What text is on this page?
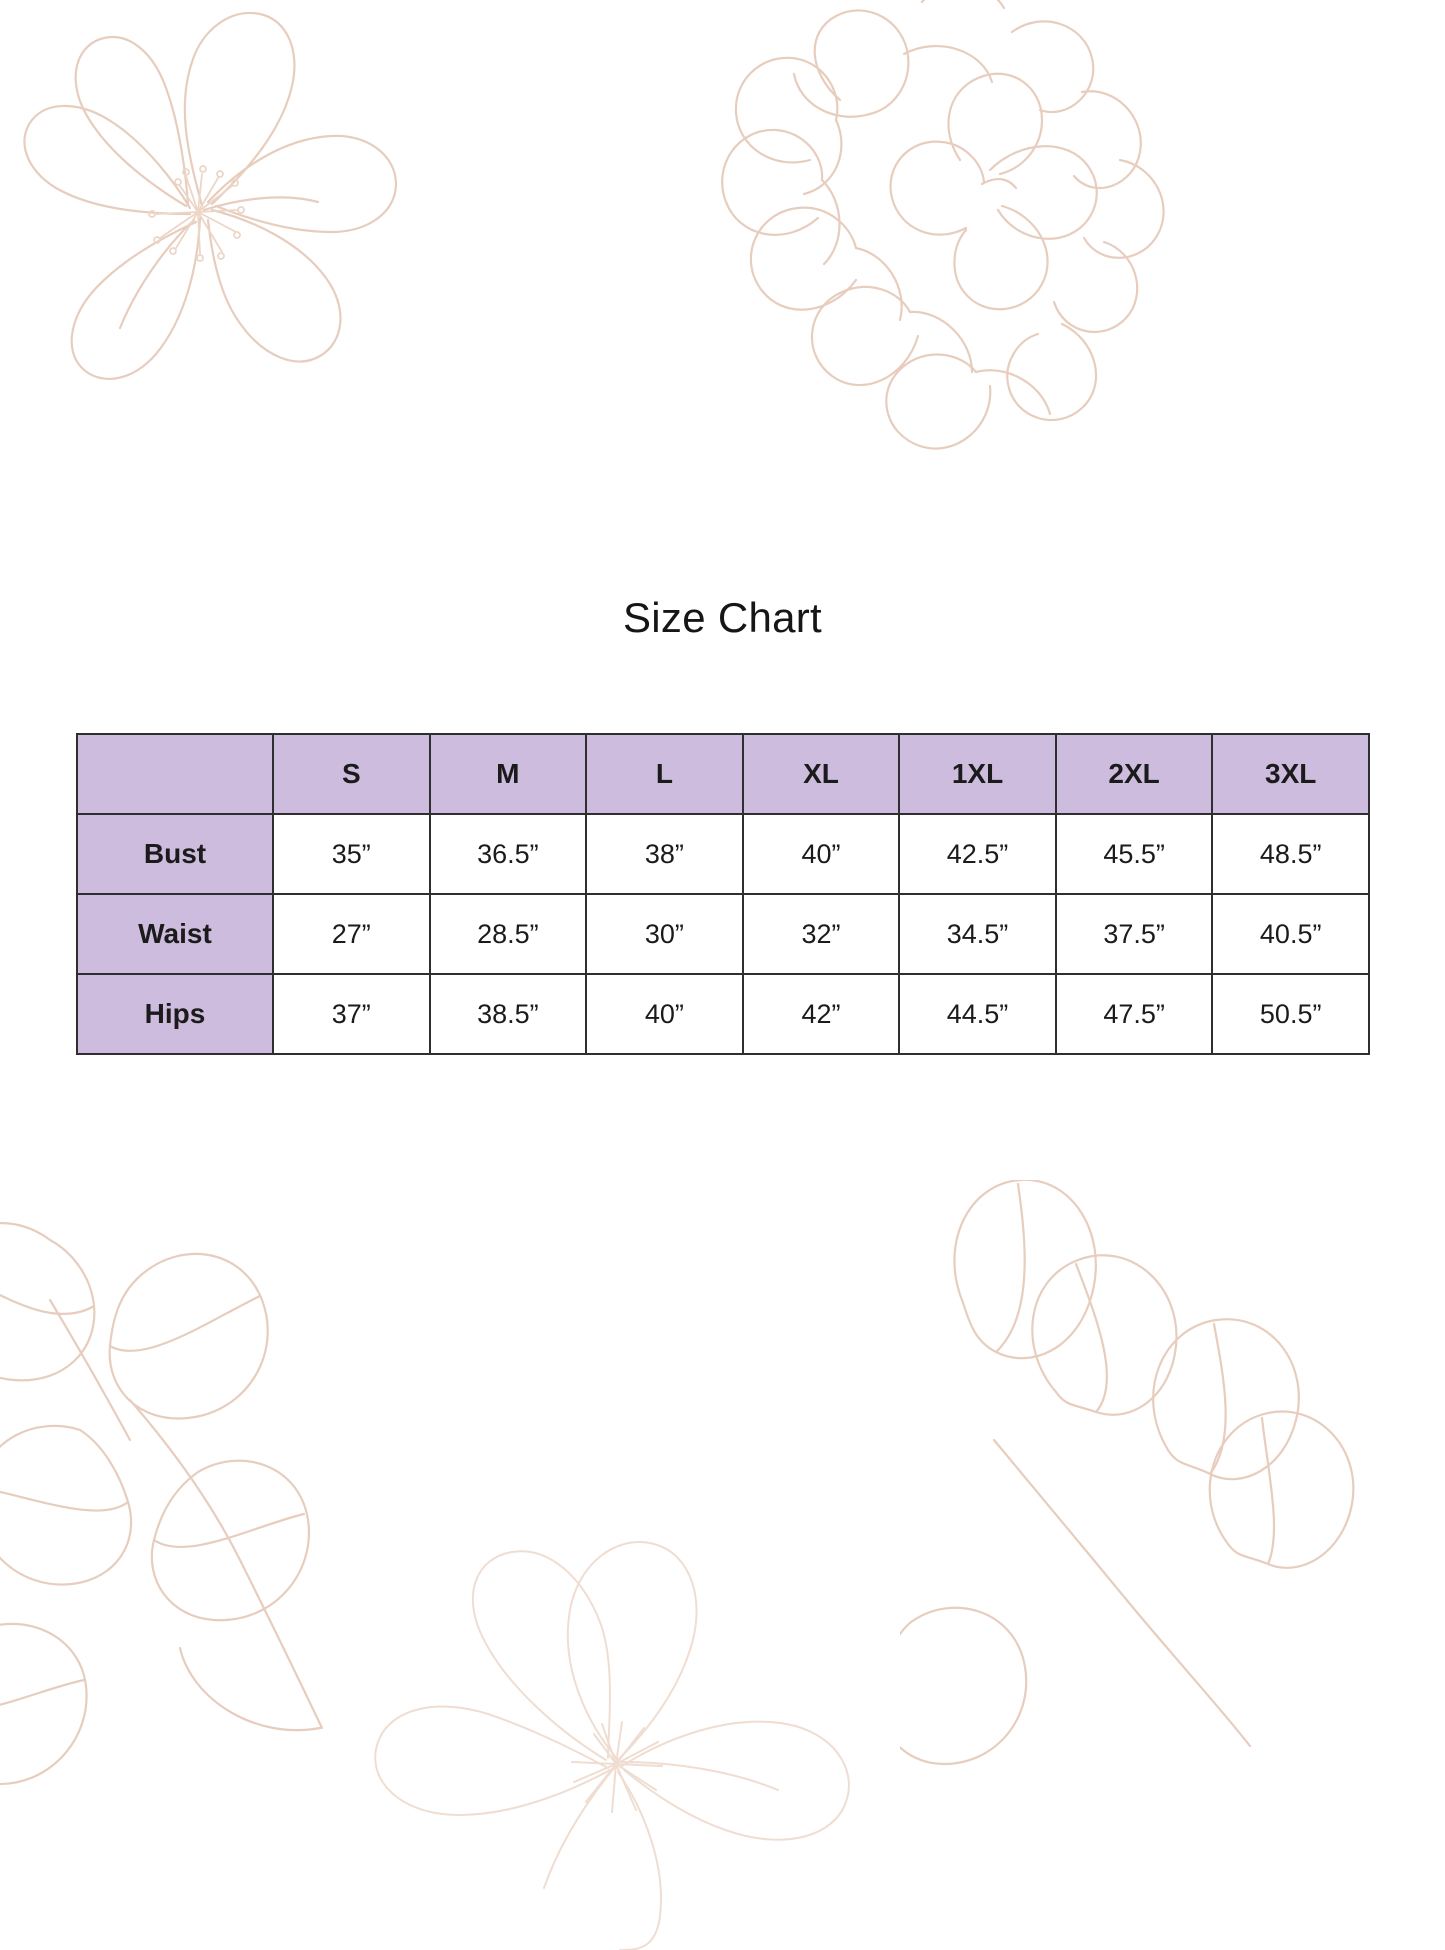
Size Chart
	S	M	L	XL	1XL	2XL	3XL
Bust	35”	36.5”	38”	40”	42.5”	45.5”	48.5”
Waist	27”	28.5”	30”	32”	34.5”	37.5”	40.5”
Hips	37”	38.5”	40”	42”	44.5”	47.5”	50.5”
